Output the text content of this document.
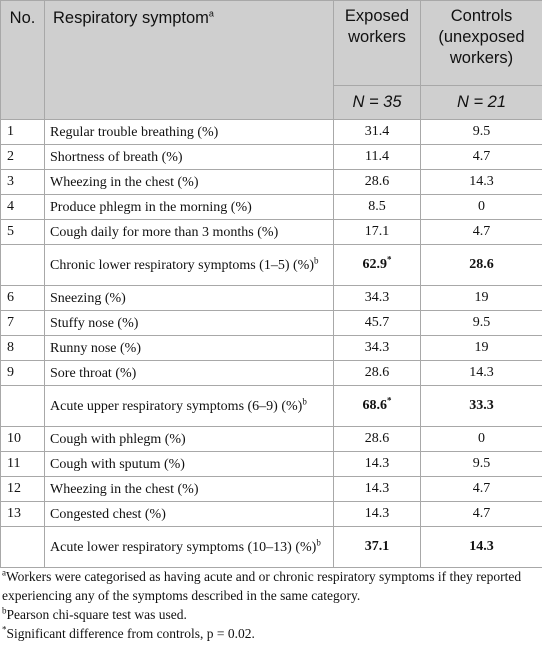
No.	Respiratory symptom$^a$	Exposed workers	Controls (unexposed workers)
		N = 35	N = 21
1	Regular trouble breathing (%)	31.4	9.5
2	Shortness of breath (%)	11.4	4.7
3	Wheezing in the chest (%)	28.6	14.3
4	Produce phlegm in the morning (%)	8.5	0
5	Cough daily for more than 3 months (%)	17.1	4.7
	Chronic lower respiratory symptoms (1–5) (%)$^b$	62.9*	28.6
6	Sneezing (%)	34.3	19
7	Stuffy nose (%)	45.7	9.5
8	Runny nose (%)	34.3	19
9	Sore throat (%)	28.6	14.3
	Acute upper respiratory symptoms (6–9) (%)$^b$	68.6*	33.3
10	Cough with phlegm (%)	28.6	0
11	Cough with sputum (%)	14.3	9.5
12	Wheezing in the chest (%)	14.3	4.7
13	Congested chest (%)	14.3	4.7
	Acute lower respiratory symptoms (10–13) (%)$^b$	37.1	14.3

$^a$Workers were categorised as having acute and or chronic respiratory symptoms if they reported experiencing any of the symptoms described in the same category.

$^b$Pearson chi-square test was used.

*Significant difference from controls, p = 0.02.
